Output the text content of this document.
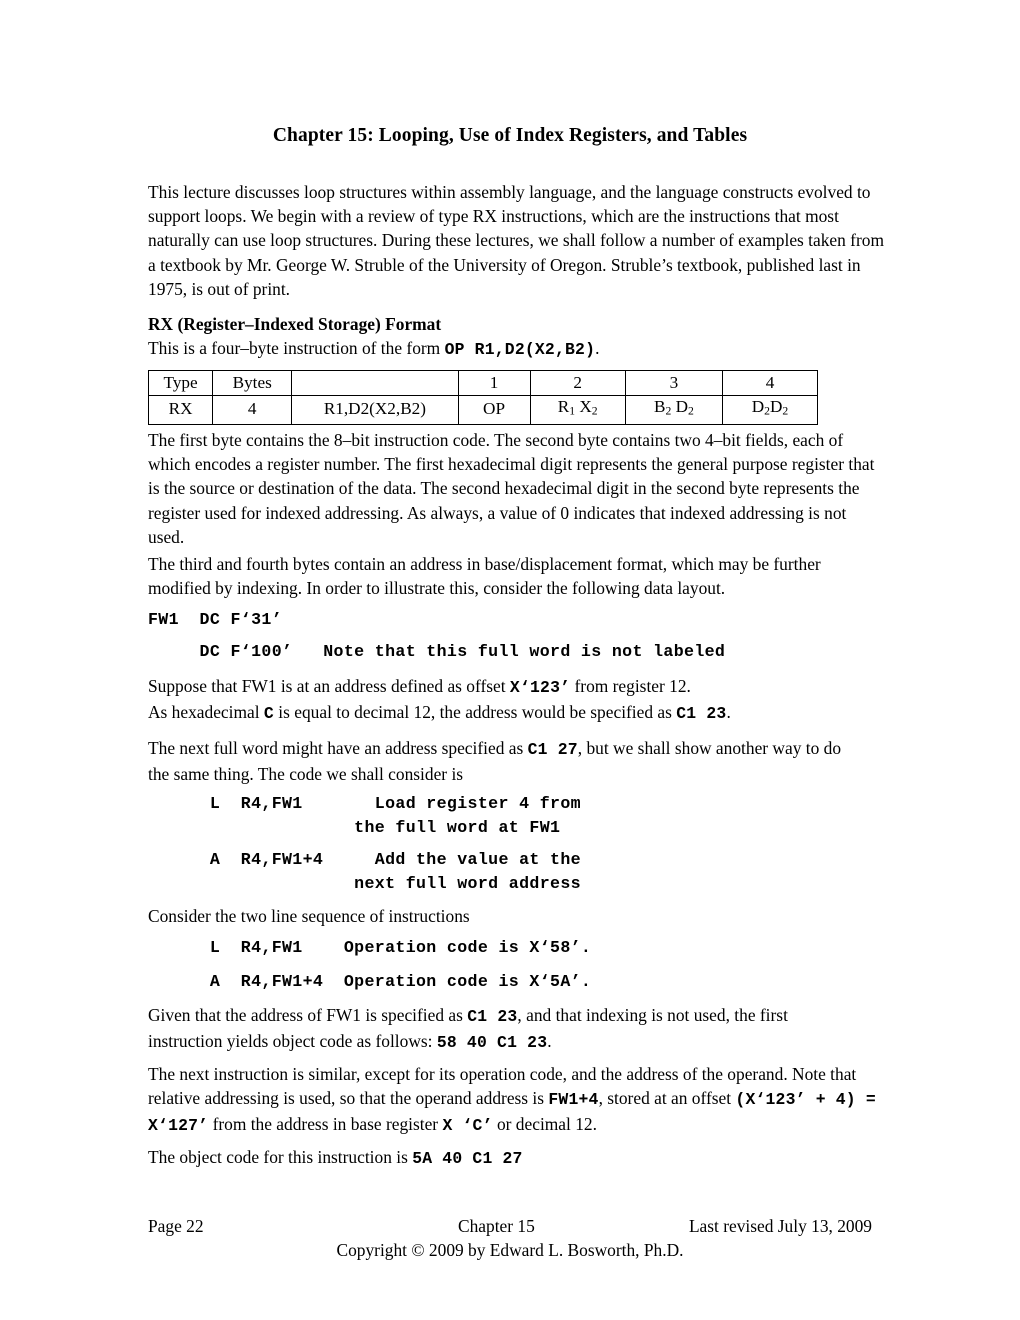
Chapter 15: Looping, Use of Index Registers, and Tables

This lecture discusses loop structures within assembly language, and the language constructs evolved to support loops. We begin with a review of type RX instructions, which are the instructions that most naturally can use loop structures. During these lectures, we shall follow a number of examples taken from a textbook by Mr. George W. Struble of the University of Oregon. Struble’s textbook, published last in 1975, is out of print.

RX (Register–Indexed Storage) Format

This is a four–byte instruction of the form OP R1,D2(X2,B2).

Type	Bytes		1	2	3	4
RX	4	R1,D2(X2,B2)	OP	$R_1$ $X_2$	$B_2$ $D_2$	$D_2D_2$

The first byte contains the 8–bit instruction code. The second byte contains two 4–bit fields, each of which encodes a register number. The first hexadecimal digit represents the general purpose register that is the source or destination of the data. The second hexadecimal digit in the second byte represents the register used for indexed addressing. As always, a value of 0 indicates that indexed addressing is not used.

The third and fourth bytes contain an address in base/displacement format, which may be further modified by indexing. In order to illustrate this, consider the following data layout.

FW1  DC F‘31’
DC F‘100’   Note that this full word is not labeled

Suppose that FW1 is at an address defined as offset X‘123’ from register 12.
As hexadecimal C is equal to decimal 12, the address would be specified as C1 23.

The next full word might have an address specified as C1 27, but we shall show another way to do the same thing. The code we shall consider is

L  R4,FW1       Load register 4 from
the full word at FW1
A  R4,FW1+4     Add the value at the
next full word address

Consider the two line sequence of instructions

L  R4,FW1    Operation code is X‘58’.
A  R4,FW1+4  Operation code is X‘5A’.

Given that the address of FW1 is specified as C1 23, and that indexing is not used, the first instruction yields object code as follows: 58 40 C1 23.

The next instruction is similar, except for its operation code, and the address of the operand. Note that relative addressing is used, so that the operand address is FW1+4, stored at an offset (X‘123’ + 4) = X‘127’ from the address in base register X ‘C’ or decimal 12.

The object code for this instruction is 5A 40 C1 27

Page 22	Chapter 15	Last revised July 13, 2009
Copyright © 2009 by Edward L. Bosworth, Ph.D.
